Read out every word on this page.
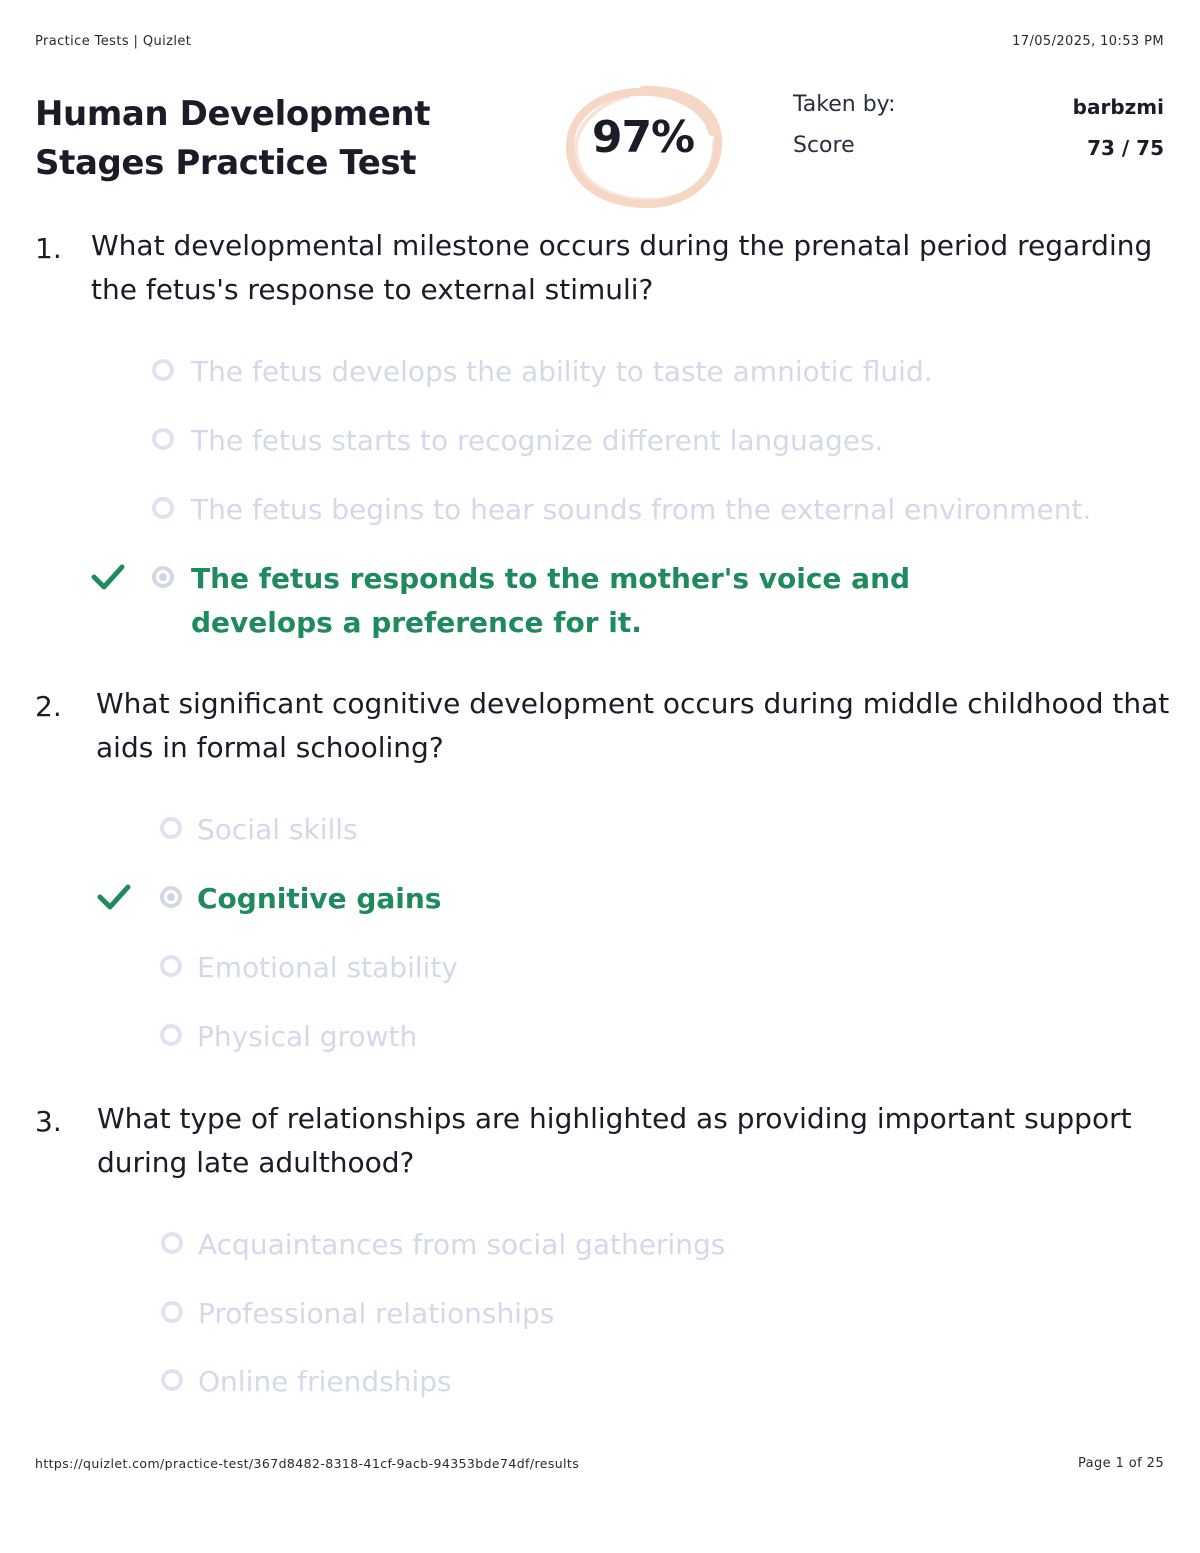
Practice Tests | Quizlet	17/05/2025, 10:53 PM
Human Development Stages Practice Test	97%
Taken by:	barbzmi
Score	73 / 75
1. What developmental milestone occurs during the prenatal period regarding the fetus's response to external stimuli?
The fetus develops the ability to taste amniotic fluid.
The fetus starts to recognize different languages.
The fetus begins to hear sounds from the external environment.
The fetus responds to the mother's voice and develops a preference for it.
2. What significant cognitive development occurs during middle childhood that aids in formal schooling?
Social skills
Cognitive gains
Emotional stability
Physical growth
3. What type of relationships are highlighted as providing important support during late adulthood?
Acquaintances from social gatherings
Professional relationships
Online friendships
https://quizlet.com/practice-test/367d8482-8318-41cf-9acb-94353bde74df/results	Page 1 of 25
